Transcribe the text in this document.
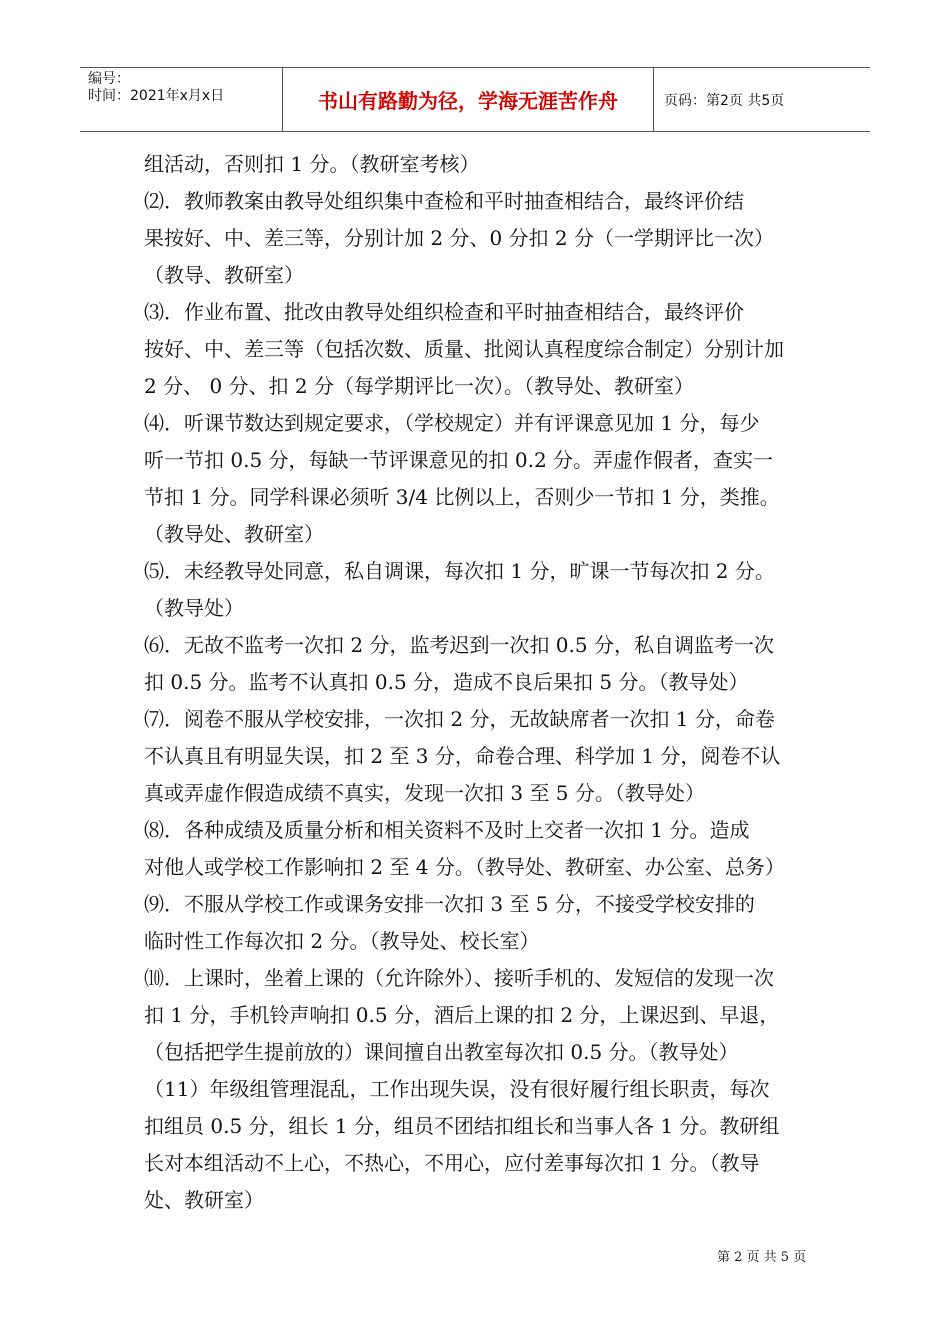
编号：
时间：2021年x月x日	书山有路勤为径，学海无涯苦作舟	页码：第2页 共5页
组活动，否则扣 1 分。（教研室考核）
⑵．教师教案由教导处组织集中查检和平时抽查相结合，最终评价结
果按好、中、差三等，分别计加 2 分、0 分扣 2 分（一学期评比一次）
（教导、教研室）
⑶．作业布置、批改由教导处组织检查和平时抽查相结合，最终评价
按好、中、差三等（包括次数、质量、批阅认真程度综合制定）分别计加
2 分、 0 分、扣 2 分（每学期评比一次）。（教导处、教研室）
⑷．听课节数达到规定要求，（学校规定）并有评课意见加 1 分，每少
听一节扣 0.5 分，每缺一节评课意见的扣 0.2 分。弄虚作假者，查实一
节扣 1 分。同学科课必须听 3/4 比例以上，否则少一节扣 1 分，类推。
（教导处、教研室）
⑸．未经教导处同意，私自调课，每次扣 1 分，旷课一节每次扣 2 分。
（教导处）
⑹．无故不监考一次扣 2 分，监考迟到一次扣 0.5 分，私自调监考一次
扣 0.5 分。监考不认真扣 0.5 分，造成不良后果扣 5 分。（教导处）
⑺．阅卷不服从学校安排，一次扣 2 分，无故缺席者一次扣 1 分，命卷
不认真且有明显失误，扣 2 至 3 分，命卷合理、科学加 1 分，阅卷不认
真或弄虚作假造成绩不真实，发现一次扣 3 至 5 分。（教导处）
⑻．各种成绩及质量分析和相关资料不及时上交者一次扣 1 分。造成
对他人或学校工作影响扣 2 至 4 分。（教导处、教研室、办公室、总务）
⑼．不服从学校工作或课务安排一次扣 3 至 5 分，不接受学校安排的
临时性工作每次扣 2 分。（教导处、校长室）
⑽．上课时，坐着上课的（允许除外）、接听手机的、发短信的发现一次
扣 1 分，手机铃声响扣 0.5 分，酒后上课的扣 2 分，上课迟到、早退，
（包括把学生提前放的）课间擅自出教室每次扣 0.5 分。（教导处）
（11）年级组管理混乱，工作出现失误，没有很好履行组长职责，每次
扣组员 0.5 分，组长 1 分，组员不团结扣组长和当事人各 1 分。教研组
长对本组活动不上心，不热心，不用心，应付差事每次扣 1 分。（教导
处、教研室）
第 2 页 共 5 页
